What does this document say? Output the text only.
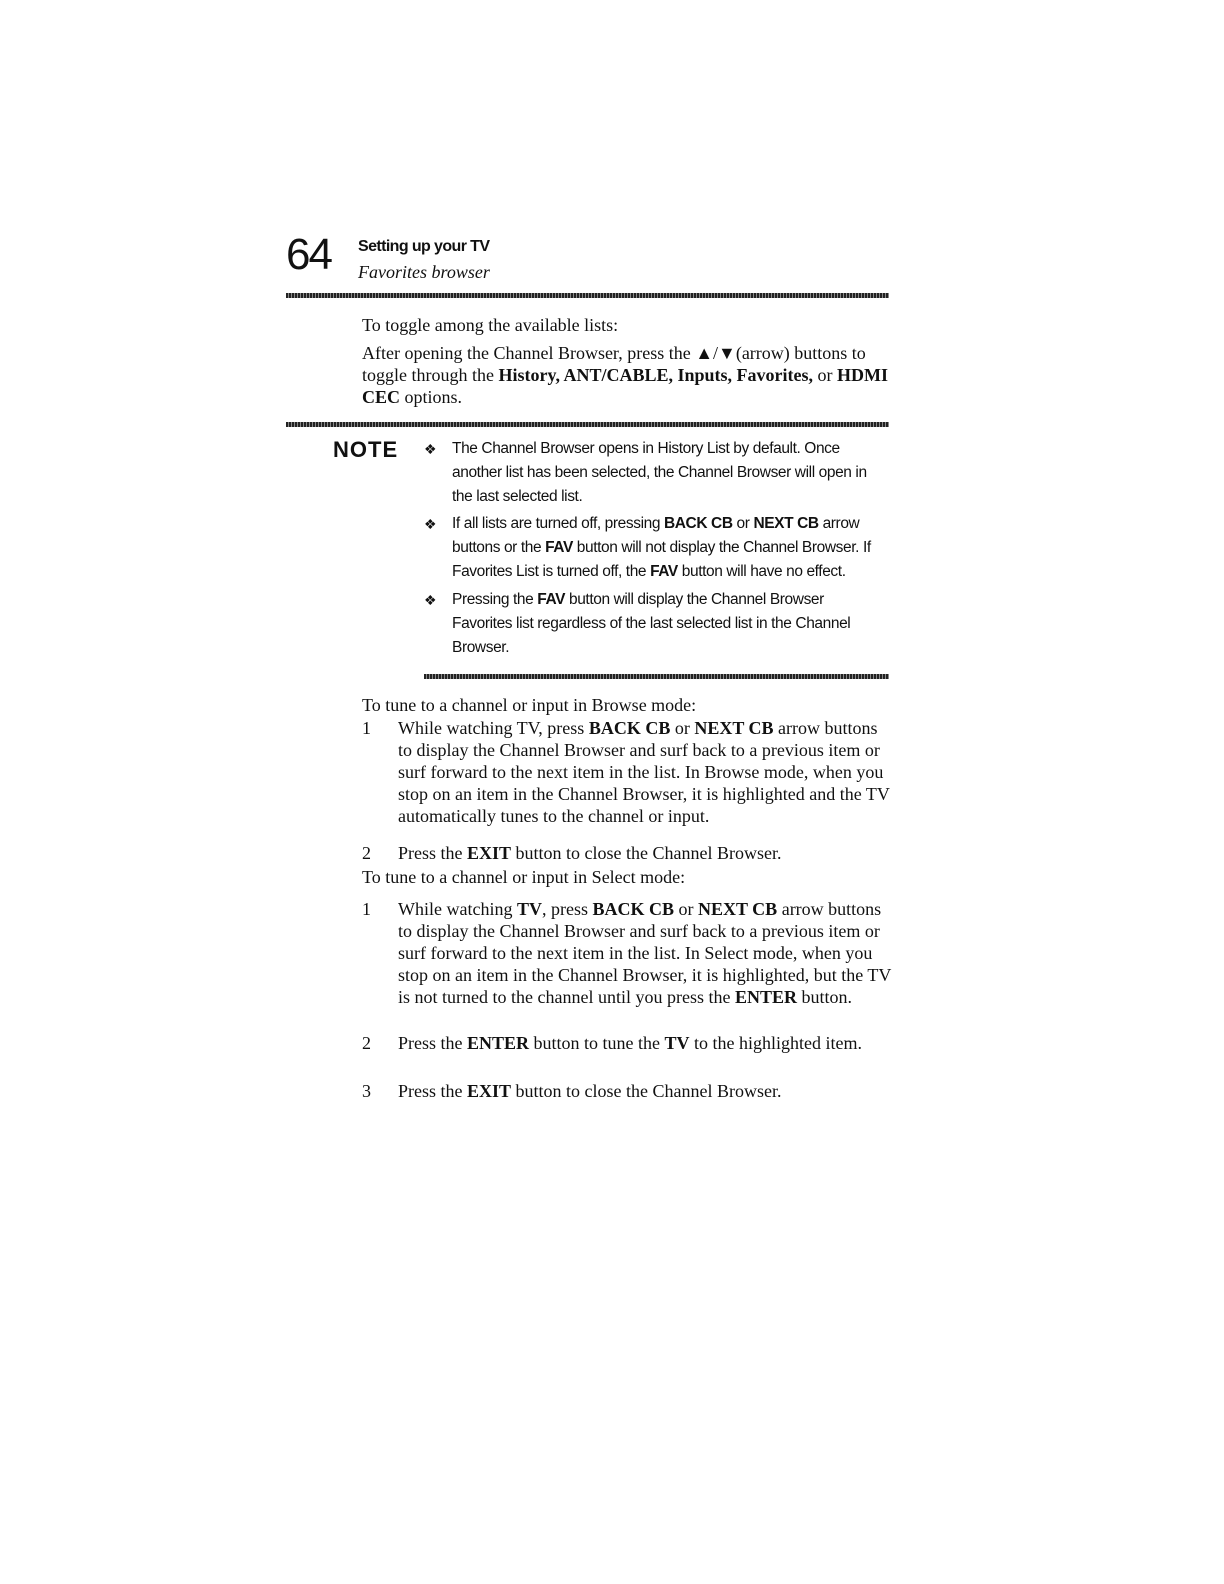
64 Setting up your TV
Favorites browser
To toggle among the available lists:
After opening the Channel Browser, press the ▲/▼(arrow) buttons to toggle through the History, ANT/CABLE, Inputs, Favorites, or HDMI CEC options.
NOTE ❖ The Channel Browser opens in History List by default. Once another list has been selected, the Channel Browser will open in the last selected list.
❖ If all lists are turned off, pressing BACK CB or NEXT CB arrow buttons or the FAV button will not display the Channel Browser. If Favorites List is turned off, the FAV button will have no effect.
❖ Pressing the FAV button will display the Channel Browser Favorites list regardless of the last selected list in the Channel Browser.
To tune to a channel or input in Browse mode:
1 While watching TV, press BACK CB or NEXT CB arrow buttons to display the Channel Browser and surf back to a previous item or surf forward to the next item in the list. In Browse mode, when you stop on an item in the Channel Browser, it is highlighted and the TV automatically tunes to the channel or input.
2 Press the EXIT button to close the Channel Browser.
To tune to a channel or input in Select mode:
1 While watching TV, press BACK CB or NEXT CB arrow buttons to display the Channel Browser and surf back to a previous item or surf forward to the next item in the list. In Select mode, when you stop on an item in the Channel Browser, it is highlighted, but the TV is not turned to the channel until you press the ENTER button.
2 Press the ENTER button to tune the TV to the highlighted item.
3 Press the EXIT button to close the Channel Browser.
